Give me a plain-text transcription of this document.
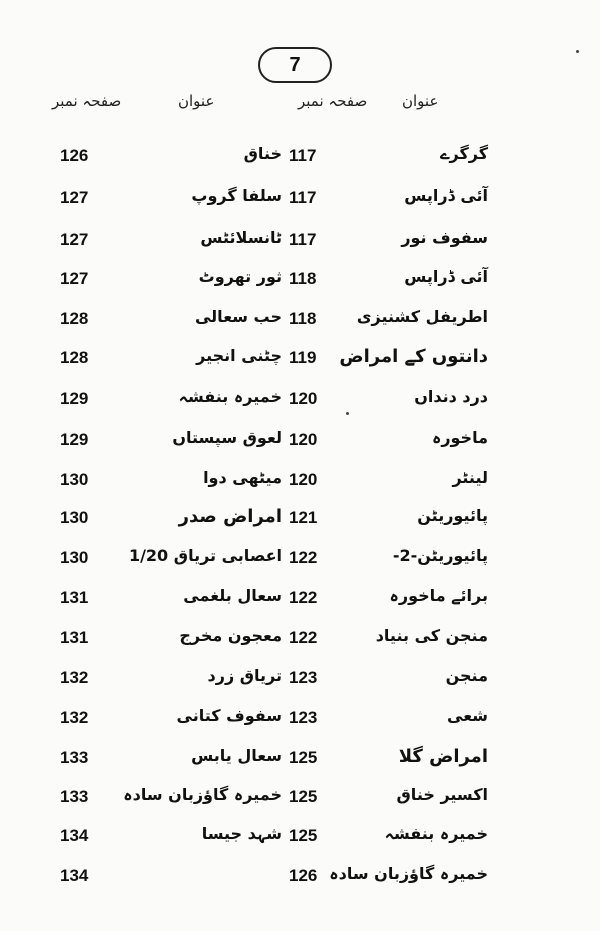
7
عنوان
صفحہ نمبر
عنوان
صفحہ نمبر
گرگرے
117
خناق
126
آئی ڈراپس
117
سلفا گروپ
127
سفوف نور
117
ٹانسلائٹس
127
آئی ڈراپس
118
ثور تھروٹ
127
اطریفل کشنیزی
118
حب سعالی
128
دانتوں کے امراض
119
چٹنی انجیر
128
درد دنداں
120
خمیرہ بنفشہ
129
ماخورہ
120
لعوق سپستاں
129
لینٹر
120
میٹھی دوا
130
پائیوریٹن
121
امراض صدر
130
پائیوریٹن-2-
122
اعصابی تریاق 1/20
130
برائے ماخورہ
122
سعال بلغمی
131
منجن کی بنیاد
122
معجون مخرج
131
منجن
123
تریاق زرد
132
شعی
123
سفوف کتانی
132
امراض گلا
125
سعال یابس
133
اکسیر خناق
125
خمیرہ گاؤزبان سادہ
133
خمیرہ بنفشہ
125
شہد جیسا
134
خمیرہ گاؤزبان سادہ
126
134
